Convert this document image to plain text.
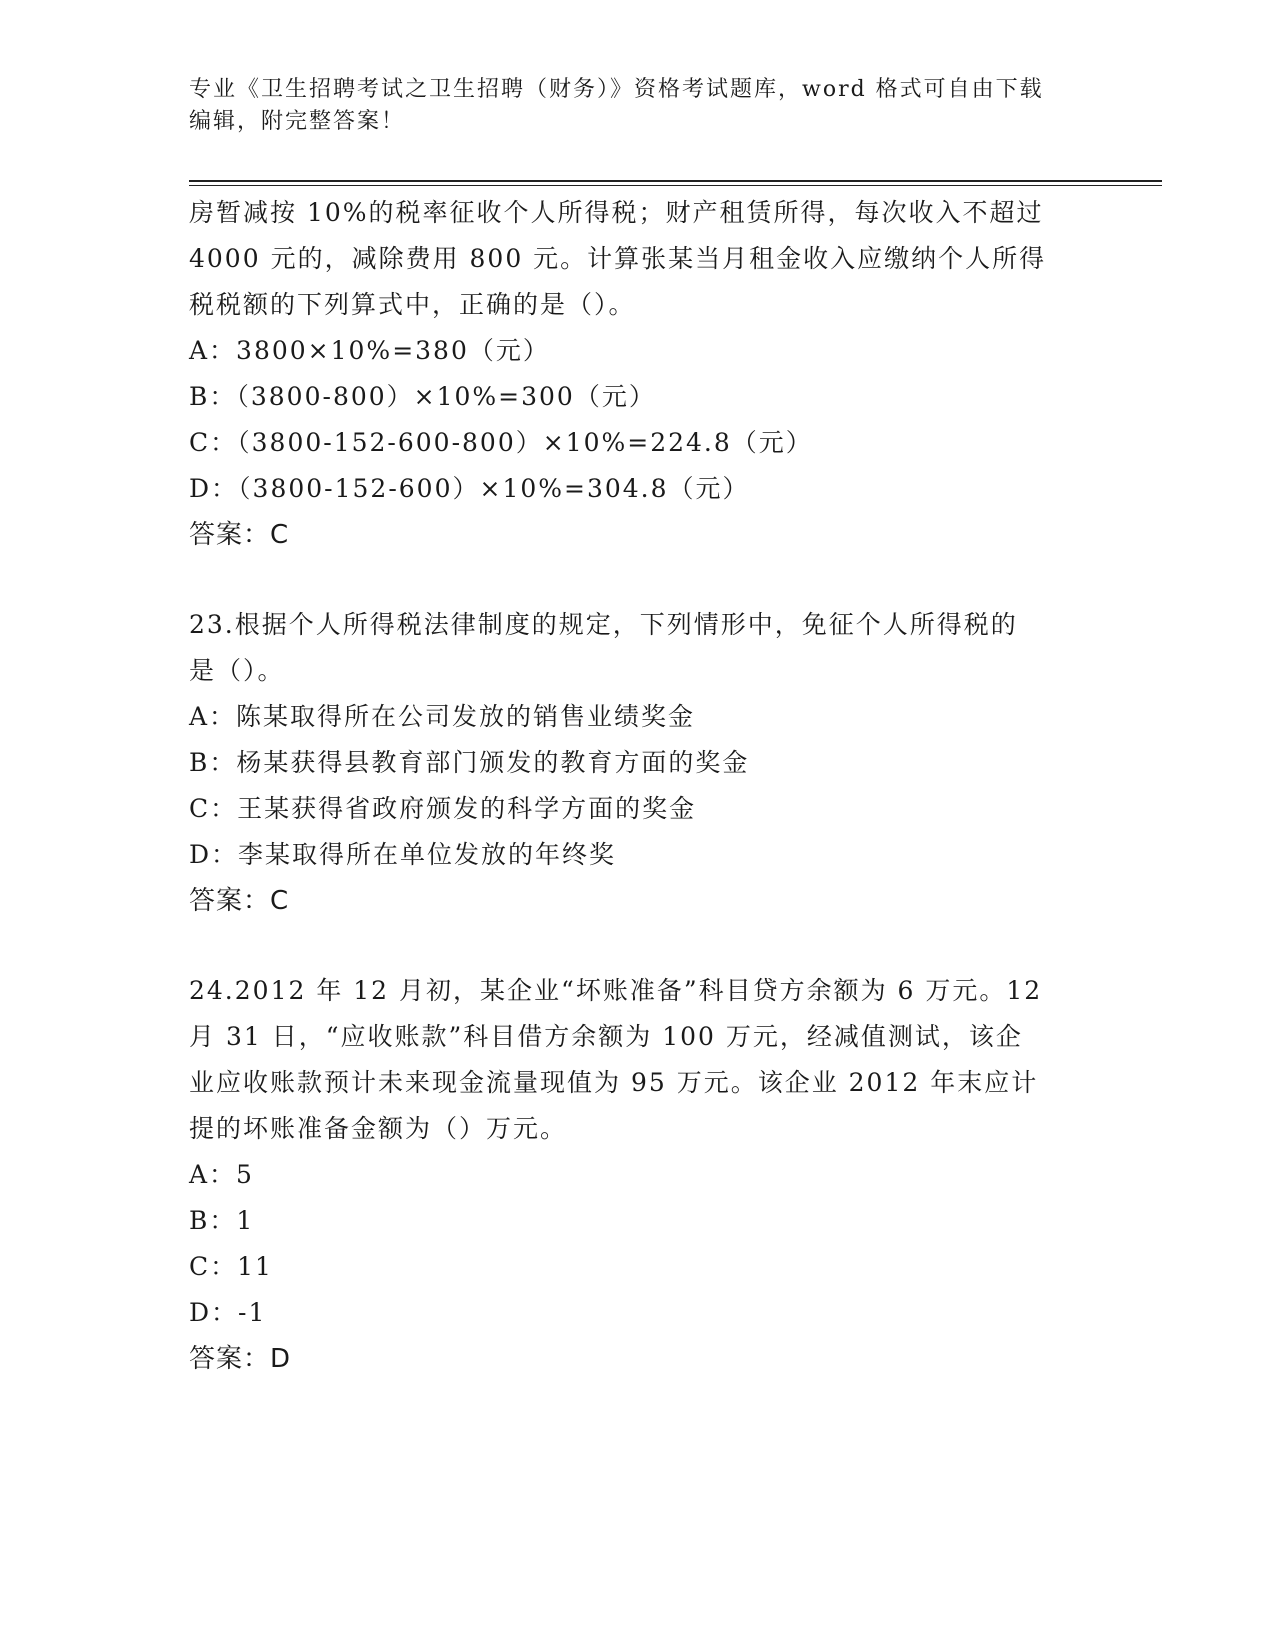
专业《卫生招聘考试之卫生招聘（财务）》资格考试题库，word 格式可自由下载
编辑，附完整答案！
房暂减按 10%的税率征收个人所得税；财产租赁所得，每次收入不超过
4000 元的，减除费用 800 元。计算张某当月租金收入应缴纳个人所得
税税额的下列算式中，正确的是（）。
A：3800×10%=380（元）
B：（3800-800）×10%=300（元）
C：（3800-152-600-800）×10%=224.8（元）
D：（3800-152-600）×10%=304.8（元）
答案：C
23.根据个人所得税法律制度的规定，下列情形中，免征个人所得税的
是（）。
A：陈某取得所在公司发放的销售业绩奖金
B：杨某获得县教育部门颁发的教育方面的奖金
C：王某获得省政府颁发的科学方面的奖金
D：李某取得所在单位发放的年终奖
答案：C
24.2012 年 12 月初，某企业“坏账准备”科目贷方余额为 6 万元。12
月 31 日，“应收账款”科目借方余额为 100 万元，经减值测试，该企
业应收账款预计未来现金流量现值为 95 万元。该企业 2012 年末应计
提的坏账准备金额为（）万元。
A：5
B：1
C：11
D：-1
答案：D
